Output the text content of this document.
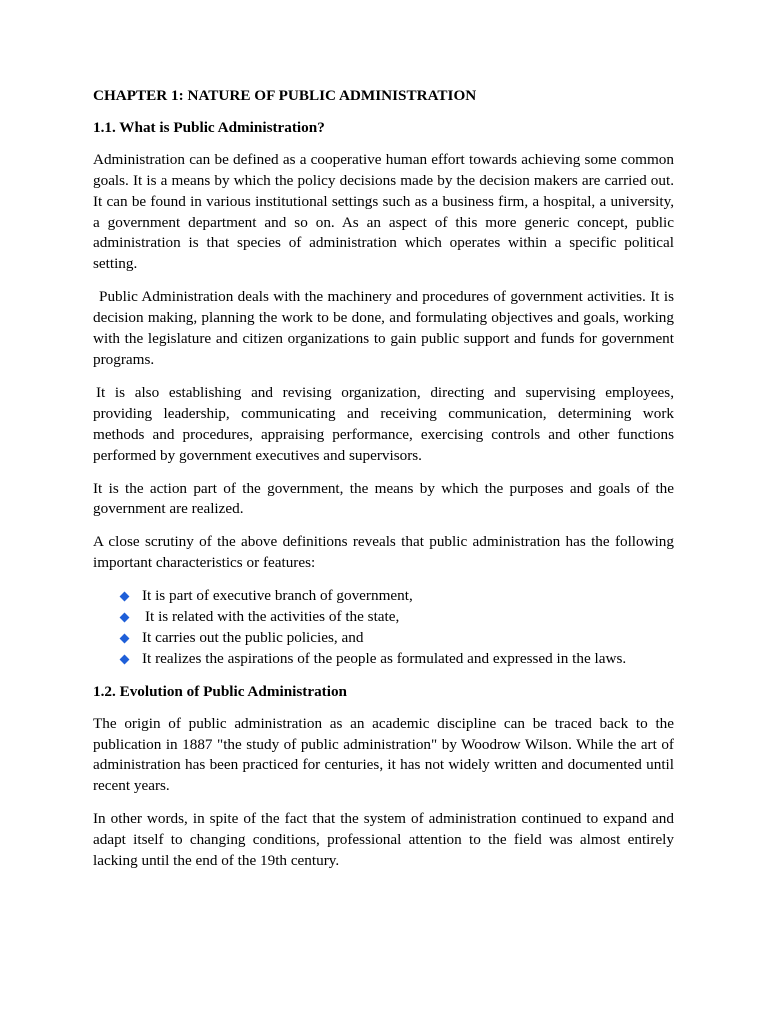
CHAPTER 1: NATURE OF PUBLIC ADMINISTRATION

1.1. What is Public Administration?

Administration can be defined as a cooperative human effort towards achieving some common goals. It is a means by which the policy decisions made by the decision makers are carried out. It can be found in various institutional settings such as a business firm, a hospital, a university, a government department and so on. As an aspect of this more generic concept, public administration is that species of administration which operates within a specific political setting.

Public Administration deals with the machinery and procedures of government activities. It is decision making, planning the work to be done, and formulating objectives and goals, working with the legislature and citizen organizations to gain public support and funds for government programs.

It is also establishing and revising organization, directing and supervising employees, providing leadership, communicating and receiving communication, determining work methods and procedures, appraising performance, exercising controls and other functions performed by government executives and supervisors.

It is the action part of the government, the means by which the purposes and goals of the government are realized.

A close scrutiny of the above definitions reveals that public administration has the following important characteristics or features:

It is part of executive branch of government,
It is related with the activities of the state,
It carries out the public policies, and
It realizes the aspirations of the people as formulated and expressed in the laws.

1.2. Evolution of Public Administration

The origin of public administration as an academic discipline can be traced back to the publication in 1887 "the study of public administration" by Woodrow Wilson. While the art of administration has been practiced for centuries, it has not widely written and documented until recent years.

In other words, in spite of the fact that the system of administration continued to expand and adapt itself to changing conditions, professional attention to the field was almost entirely lacking until the end of the 19th century.
